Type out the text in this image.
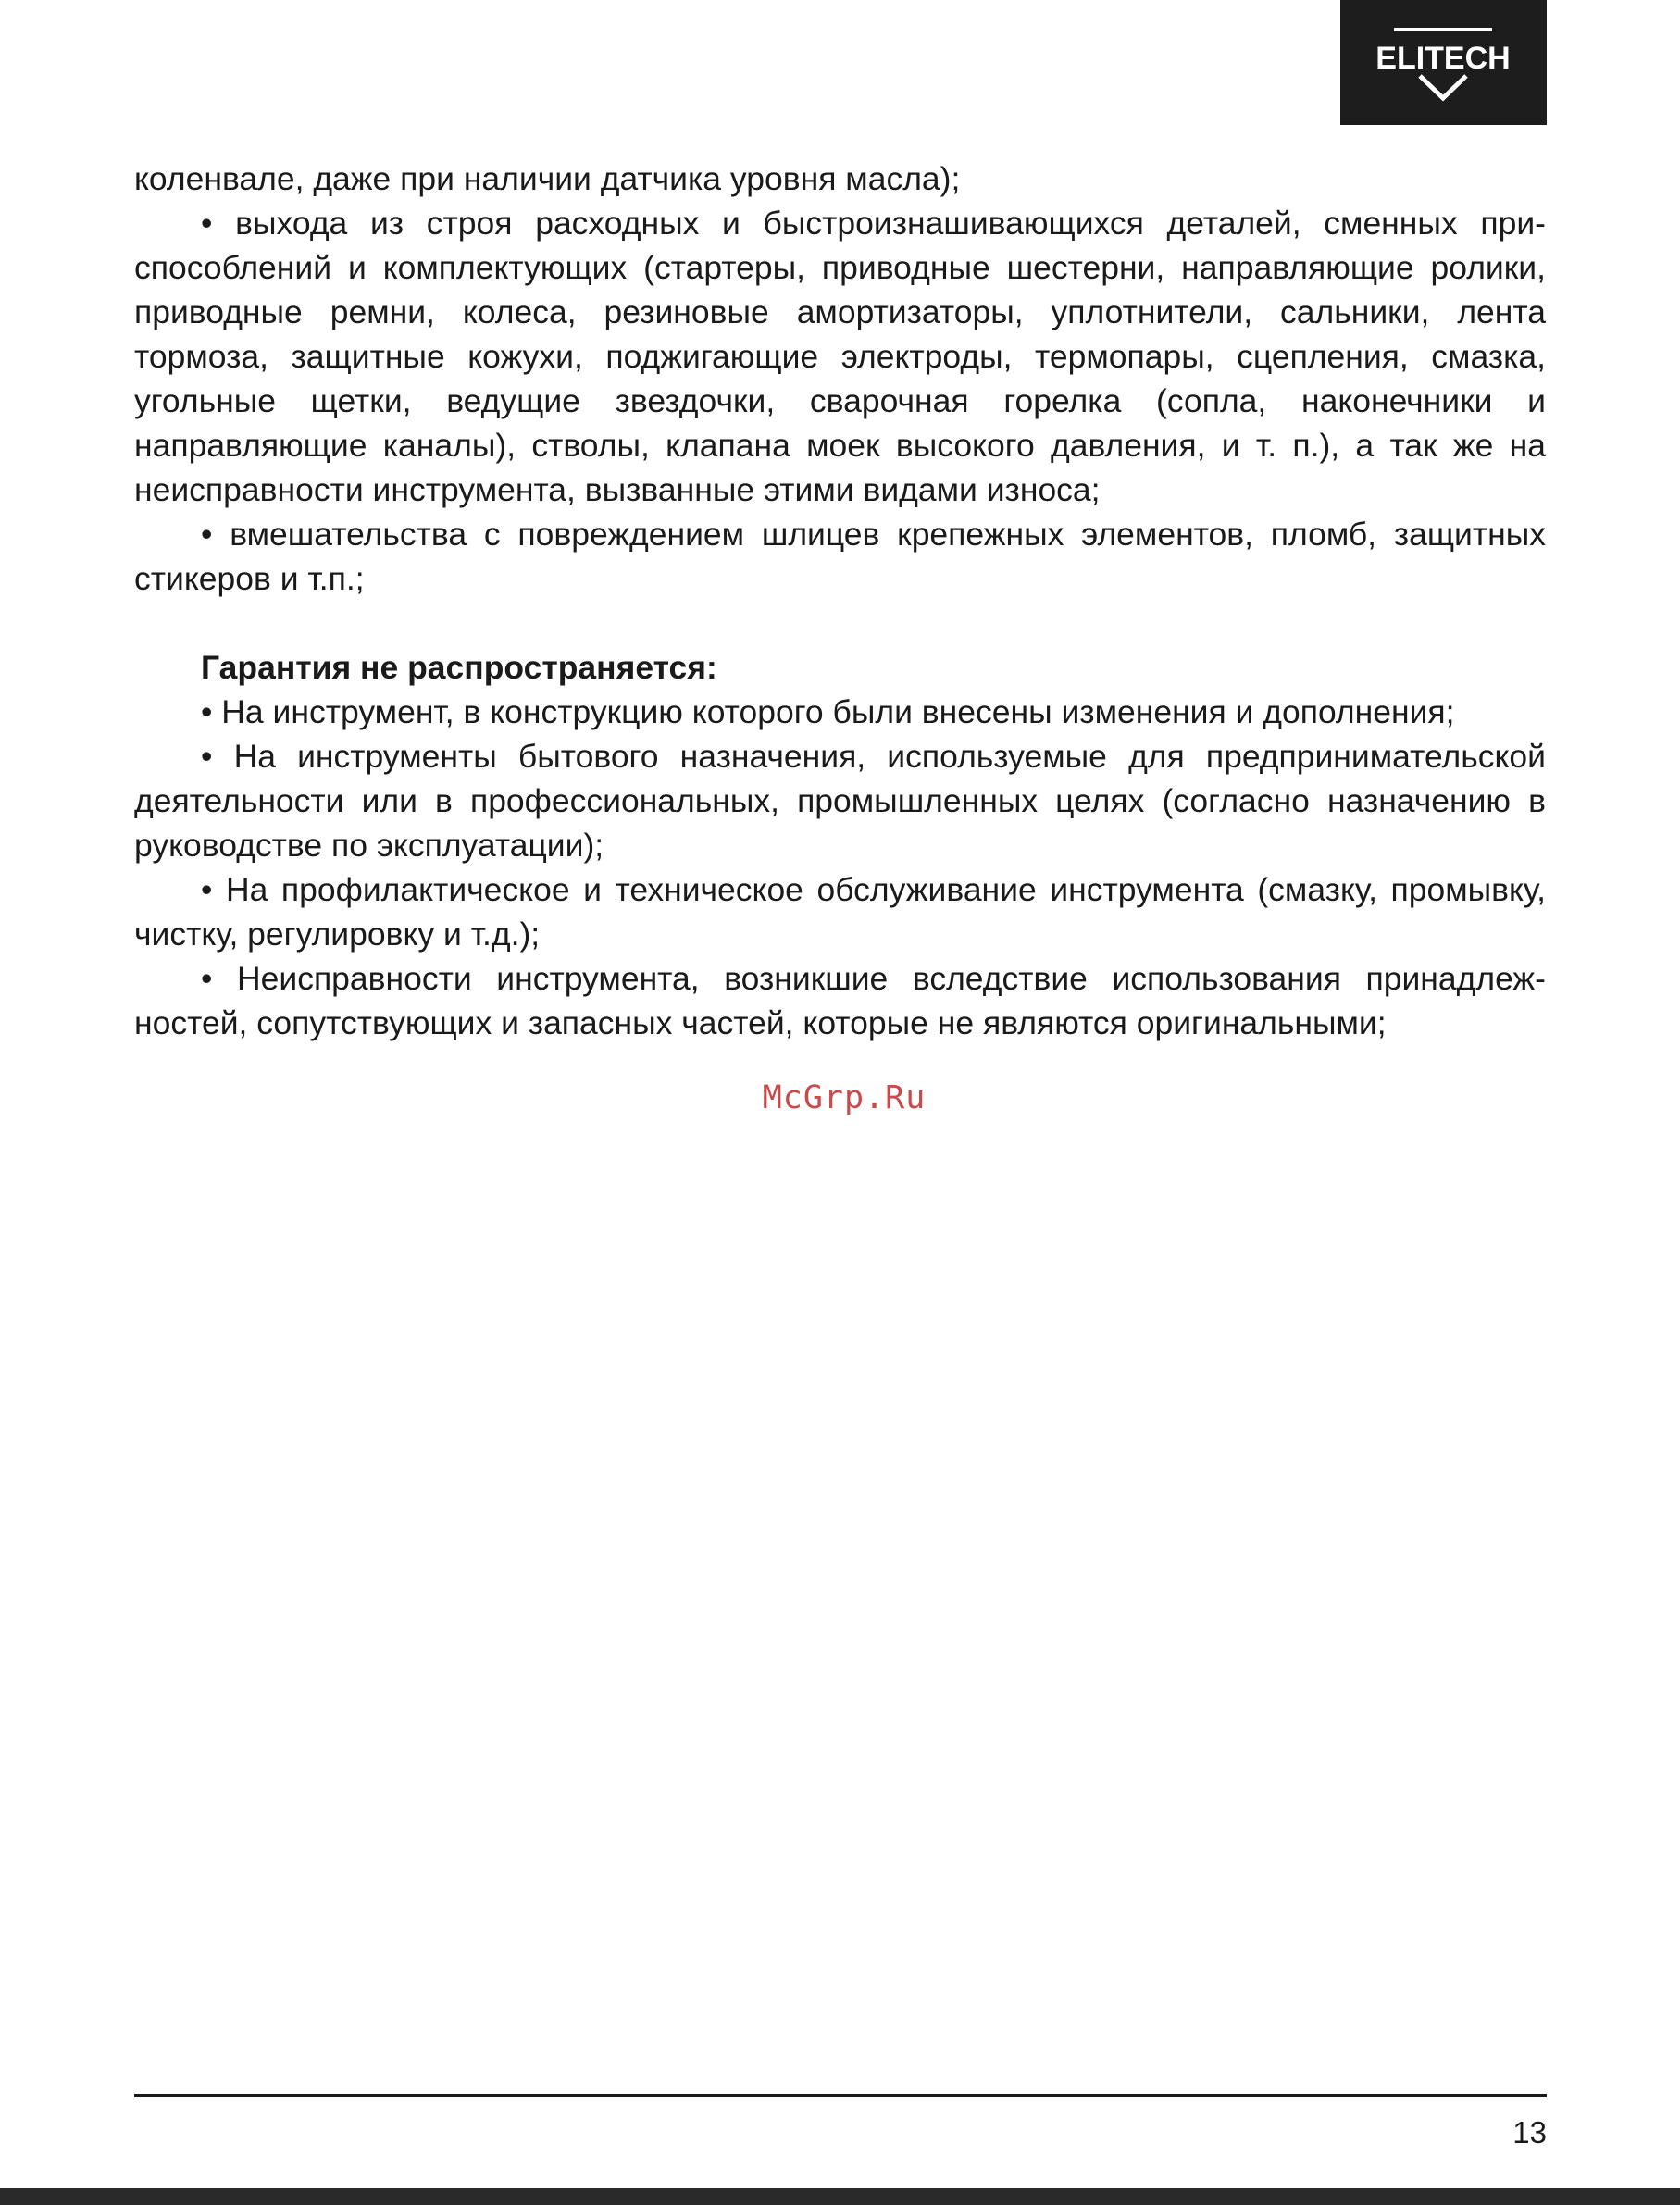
ELITECH

коленвале, даже при наличии датчика уровня масла);

• выхода из строя расходных и быстроизнашивающихся деталей, сменных приспособлений и комплектующих (стартеры, приводные шестерни, направляющие ролики, приводные ремни, колеса, резиновые амортизаторы, уплотнители, сальники, лента тормоза, защитные кожухи, поджигающие электроды, термопары, сцепления, смазка, угольные щетки, ведущие звездочки, сварочная горелка (сопла, наконечники и направляющие каналы), стволы, клапана моек высокого давления, и т. п.), а так же на неисправности инструмента, вызванные этими видами износа;

• вмешательства с повреждением шлицев крепежных элементов, пломб, защитных стикеров и т.п.;

Гарантия не распространяется:

• На инструмент, в конструкцию которого были внесены изменения и дополнения;

• На инструменты бытового назначения, используемые для предпринимательской деятельности или в профессиональных, промышленных целях (согласно назначению в руководстве по эксплуатации);

• На профилактическое и техническое обслуживание инструмента (смазку, промывку, чистку, регулировку и т.д.);

• Неисправности инструмента, возникшие вследствие использования принадлежностей, сопутствующих и запасных частей, которые не являются оригинальными;

McGrp.Ru
13
